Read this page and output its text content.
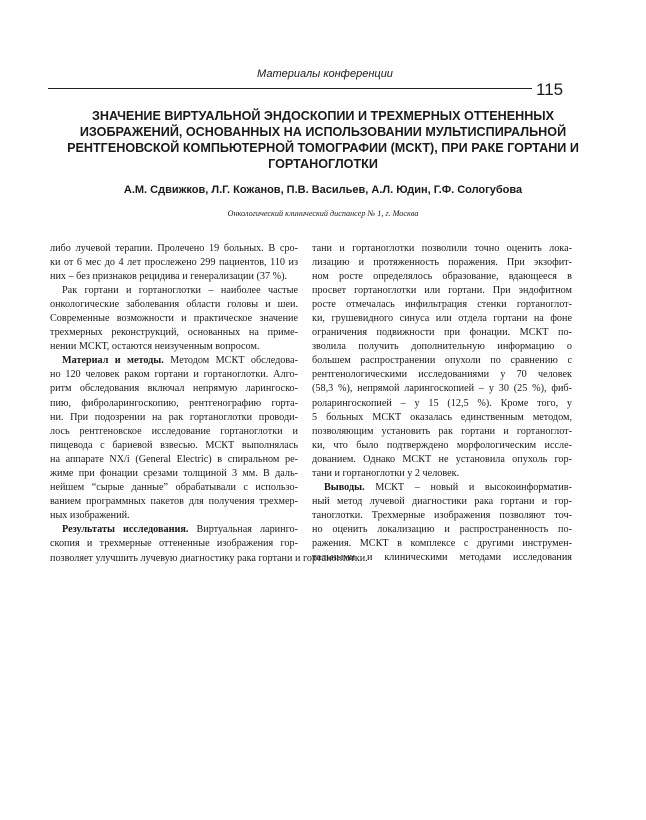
Материалы конференции
115
ЗНАЧЕНИЕ ВИРТУАЛЬНОЙ ЭНДОСКОПИИ И ТРЕХМЕРНЫХ ОТТЕНЕННЫХ
ИЗОБРАЖЕНИЙ, ОСНОВАННЫХ НА ИСПОЛЬЗОВАНИИ МУЛЬТИСПИРАЛЬНОЙ
РЕНТГЕНОВСКОЙ КОМПЬЮТЕРНОЙ ТОМОГРАФИИ (МСКТ), ПРИ РАКЕ ГОРТАНИ И
ГОРТАНОГЛОТКИ
А.М. Сдвижков, Л.Г. Кожанов, П.В. Васильев, А.Л. Юдин, Г.Ф. Сологубова
Онкологический клинический диспансер № 1, г. Москва

либо лучевой терапии. Пролечено 19 больных. В сро-
ки от 6 мес до 4 лет прослежено 299 пациентов, 110 из
них – без признаков рецидива и генерализации (37 %).

Рак гортани и гортаноглотки – наиболее частые
онкологические заболевания области головы и шеи.
Современные возможности и практическое значение
трехмерных реконструкций, основанных на приме-
нении МСКТ, остаются неизученным вопросом.

Материал и методы. Методом МСКТ обследова-
но 120 человек раком гортани и гортаноглотки. Алго-
ритм обследования включал непрямую ларингоско-
пию, фиброларингоскопию, рентгенографию горта-
ни. При подозрении на рак гортаноглотки проводи-
лось рентгеновское исследование гортаноглотки и
пищевода с бариевой взвесью. МСКТ выполнялась
на аппарате NX/i (General Electric) в спиральном ре-
жиме при фонации срезами толщиной 3 мм. В даль-
нейшем “сырые данные” обрабатывали с использо-
ванием программных пакетов для получения трехмер-
ных изображений.

Результаты исследования. Виртуальная ларинго-
скопия и трехмерные оттененные изображения гор-

тани и гортаноглотки позволили точно оценить лока-
лизацию и протяженность поражения. При экзофит-
ном росте определялось образование, вдающееся в
просвет гортаноглотки или гортани. При эндофитном
росте отмечалась инфильтрация стенки гортаноглот-
ки, грушевидного синуса или отдела гортани на фоне
ограничения подвижности при фонации. МСКТ по-
зволила получить дополнительную информацию о
большем распространении опухоли по сравнению с
рентгенологическими исследованиями у 70 человек
(58,3 %), непрямой ларингоскопией – у 30 (25 %), фиб-
роларингоскопией – у 15 (12,5 %). Кроме того, у
5 больных МСКТ оказалась единственным методом,
позволяющим установить рак гортани и гортаноглот-
ки, что было подтверждено морфологическим иссле-
дованием. Однако МСКТ не установила опухоль гор-
тани и гортаноглотки у 2 человек.

Выводы. МСКТ – новый и высокоинформатив-
ный метод лучевой диагностики рака гортани и гор-
таноглотки. Трехмерные изображения позволяют точ-
но оценить локализацию и распространенность по-
ражения. МСКТ в комплексе с другими инструмен-
тальными и клиническими методами исследования

позволяет улучшить лучевую диагностику рака гортани и гортаноглотки.
